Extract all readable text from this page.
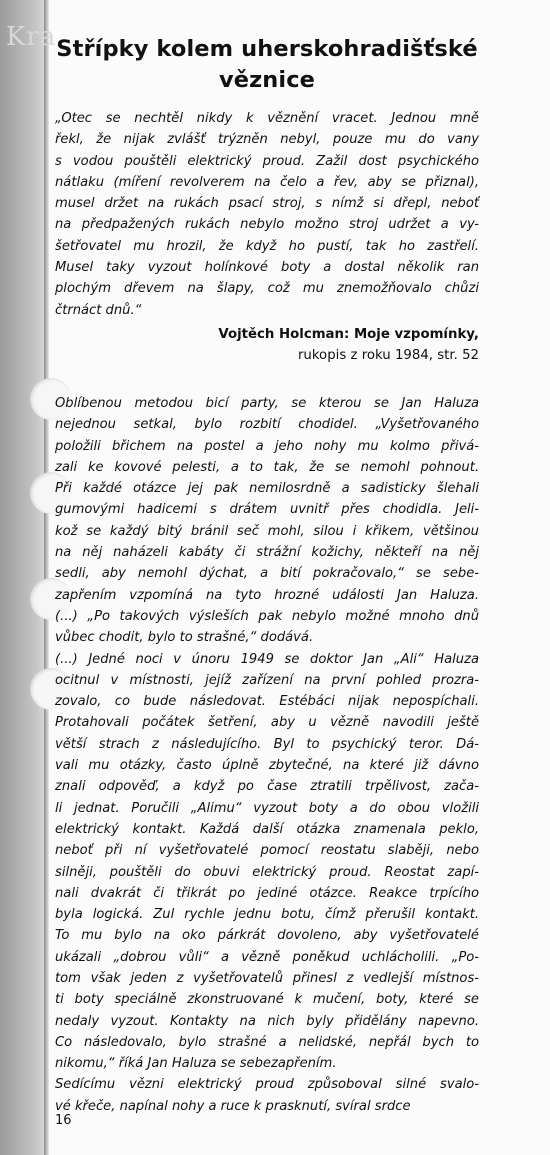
Kra Střípky kolem uherskohradišťské
věznice
„Otec se nechtěl nikdy k věznění vracet. Jednou mně
řekl, že nijak zvlášť trýzněn nebyl, pouze mu do vany
s vodou pouštěli elektrický proud. Zažil dost psychického
nátlaku (míření revolverem na čelo a řev, aby se přiznal),
musel držet na rukách psací stroj, s nímž si dřepl, neboť
na předpažených rukách nebylo možno stroj udržet a vy-
šetřovatel mu hrozil, že když ho pustí, tak ho zastřelí.
Musel taky vyzout holínkové boty a dostal několik ran
plochým dřevem na šlapy, což mu znemožňovalo chůzi
čtrnáct dnů.“
Vojtěch Holcman: Moje vzpomínky,
rukopis z roku 1984, str. 52
Oblíbenou metodou bicí party, se kterou se Jan Haluza
nejednou setkal, bylo rozbití chodidel. „Vyšetřovaného
položili břichem na postel a jeho nohy mu kolmo přivá-
zali ke kovové pelesti, a to tak, že se nemohl pohnout.
Při každé otázce jej pak nemilosrdně a sadisticky šlehali
gumovými hadicemi s drátem uvnitř přes chodidla. Jeli-
kož se každý bitý bránil seč mohl, silou i křikem, většinou
na něj naházeli kabáty či strážní kožichy, někteří na něj
sedli, aby nemohl dýchat, a bití pokračovalo,“ se sebe-
zapřením vzpomíná na tyto hrozné události Jan Haluza.
(...) „Po takových výsleších pak nebylo možné mnoho dnů
vůbec chodit, bylo to strašné,“ dodává.
(...) Jedné noci v únoru 1949 se doktor Jan „Ali“ Haluza
ocitnul v místnosti, jejíž zařízení na první pohled prozra-
zovalo, co bude následovat. Estébáci nijak nepospíchali.
Protahovali počátek šetření, aby u vězně navodili ještě
větší strach z následujícího. Byl to psychický teror. Dá-
vali mu otázky, často úplně zbytečné, na které již dávno
znali odpověď, a když po čase ztratili trpělivost, zača-
li jednat. Poručili „Alimu“ vyzout boty a do obou vložili
elektrický kontakt. Každá další otázka znamenala peklo,
neboť při ní vyšetřovatelé pomocí reostatu slaběji, nebo
silněji, pouštěli do obuvi elektrický proud. Reostat zapí-
nali dvakrát či třikrát po jediné otázce. Reakce trpícího
byla logická. Zul rychle jednu botu, čímž přerušil kontakt.
To mu bylo na oko párkrát dovoleno, aby vyšetřovatelé
ukázali „dobrou vůli“ a vězně poněkud uchlácholili. „Po-
tom však jeden z vyšetřovatelů přinesl z vedlejší místnos-
ti boty speciálně zkonstruované k mučení, boty, které se
nedaly vyzout. Kontakty na nich byly přidělány napevno.
Co následovalo, bylo strašné a nelidské, nepřál bych to
nikomu,“ říká Jan Haluza se sebezapřením.
Sedícímu vězni elektrický proud způsoboval silné svalo-
vé křeče, napínal nohy a ruce k prasknutí, svíral srdce
16
